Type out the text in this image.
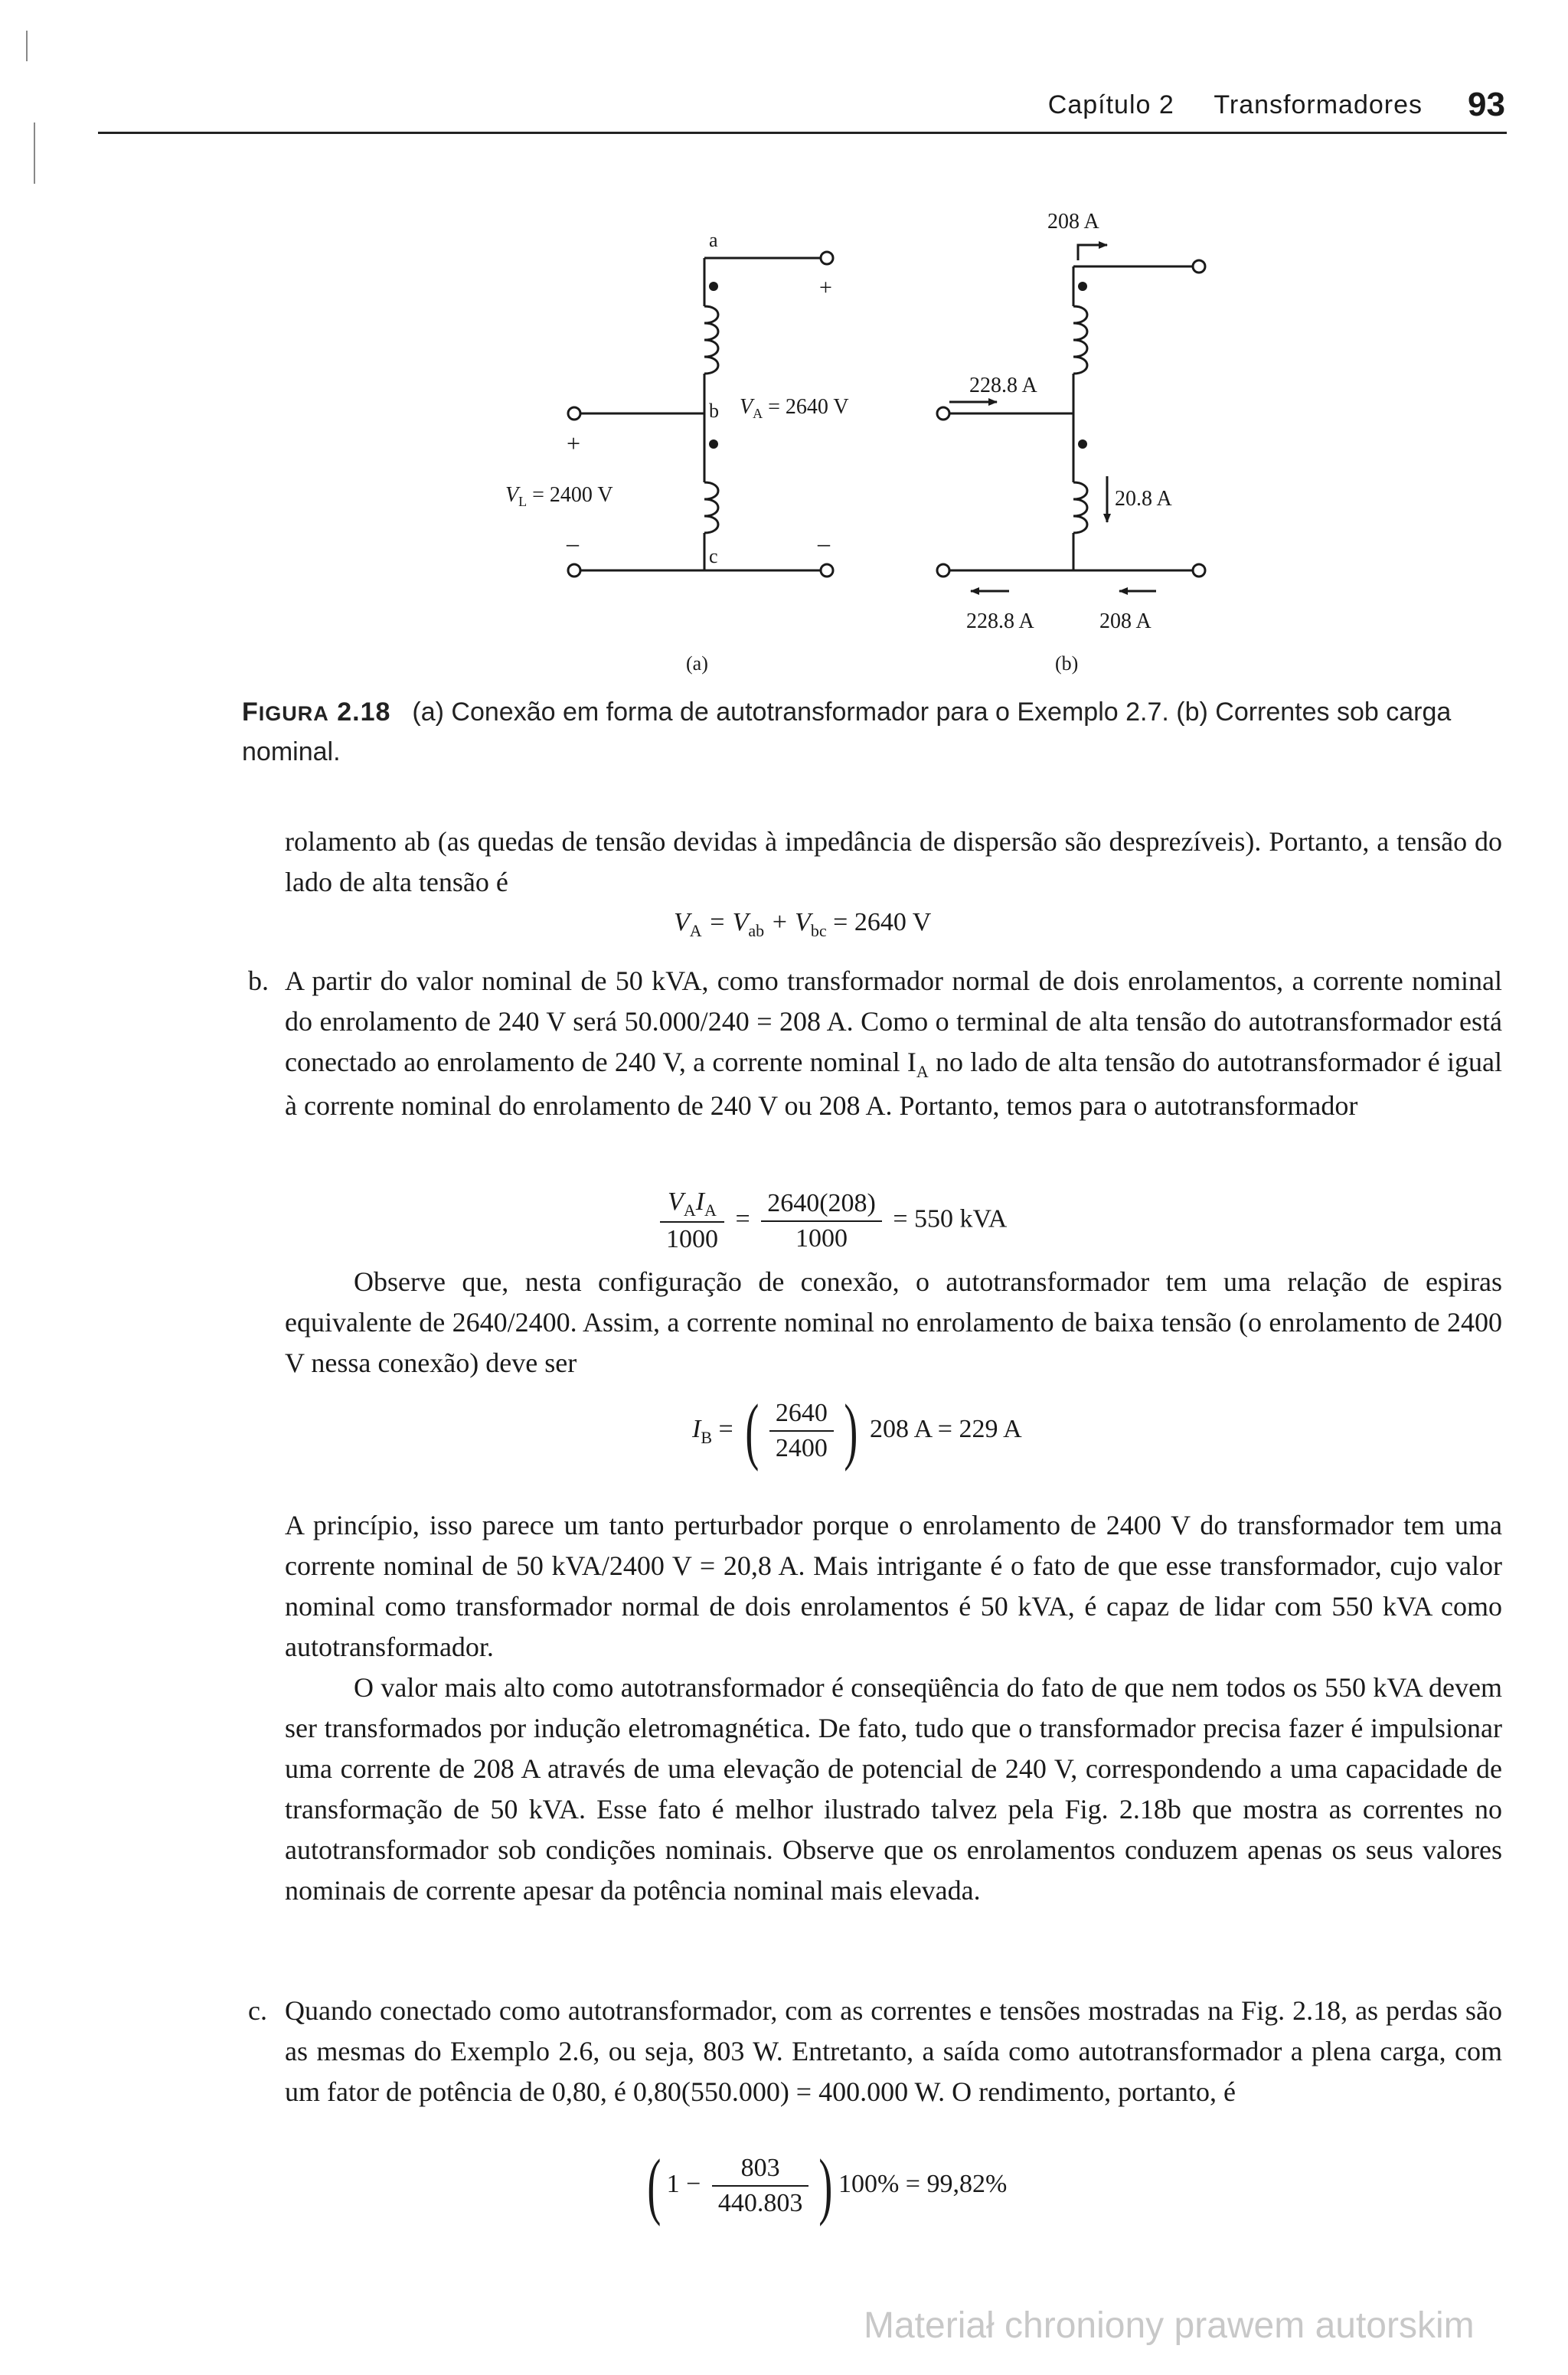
Capítulo 2 Transformadores 93
a
+
b
c
+
–	–
$V_A = 2640$ V
$V_L = 2400$ V
(a)
208 A
228.8 A
20.8 A
228.8 A	208 A
(b)
FIGURA 2.18 (a) Conexão em forma de autotransformador para o Exemplo 2.7. (b) Correntes sob carga nominal.
rolamento ab (as quedas de tensão devidas à impedância de dispersão são desprezíveis). Portanto, a tensão do lado de alta tensão é
$V_A = V_{ab} + V_{bc} = 2640$ V
b. A partir do valor nominal de 50 kVA, como transformador normal de dois enrolamentos, a corrente nominal do enrolamento de 240 V será 50.000/240 = 208 A. Como o terminal de alta tensão do autotransformador está conectado ao enrolamento de 240 V, a corrente nominal $I_A$ no lado de alta tensão do autotransformador é igual à corrente nominal do enrolamento de 240 V ou 208 A. Portanto, temos para o autotransformador
$\frac{V_AI_A}{1000} = \frac{2640(208)}{1000} = 550$ kVA
Observe que, nesta configuração de conexão, o autotransformador tem uma relação de espiras equivalente de 2640/2400. Assim, a corrente nominal no enrolamento de baixa tensão (o enrolamento de 2400 V nessa conexão) deve ser
$I_B$ = ( $\frac{2640}{2400}$ ) 208 A = 229 A
A princípio, isso parece um tanto perturbador porque o enrolamento de 2400 V do transformador tem uma corrente nominal de 50 kVA/2400 V = 20,8 A. Mais intrigante é o fato de que esse transformador, cujo valor nominal como transformador normal de dois enrolamentos é 50 kVA, é capaz de lidar com 550 kVA como autotransformador.
O valor mais alto como autotransformador é conseqüência do fato de que nem todos os 550 kVA devem ser transformados por indução eletromagnética. De fato, tudo que o transformador precisa fazer é impulsionar uma corrente de 208 A através de uma elevação de potencial de 240 V, correspondendo a uma capacidade de transformação de 50 kVA. Esse fato é melhor ilustrado talvez pela Fig. 2.18b que mostra as correntes no autotransformador sob condições nominais. Observe que os enrolamentos conduzem apenas os seus valores nominais de corrente apesar da potência nominal mais elevada.
c. Quando conectado como autotransformador, com as correntes e tensões mostradas na Fig. 2.18, as perdas são as mesmas do Exemplo 2.6, ou seja, 803 W. Entretanto, a saída como autotransformador a plena carga, com um fator de potência de 0,80, é 0,80(550.000) = 400.000 W. O rendimento, portanto, é
( $1 - \frac{803}{440.803}$ ) 100% = 99,82%
Materiał chroniony prawem autorskim
